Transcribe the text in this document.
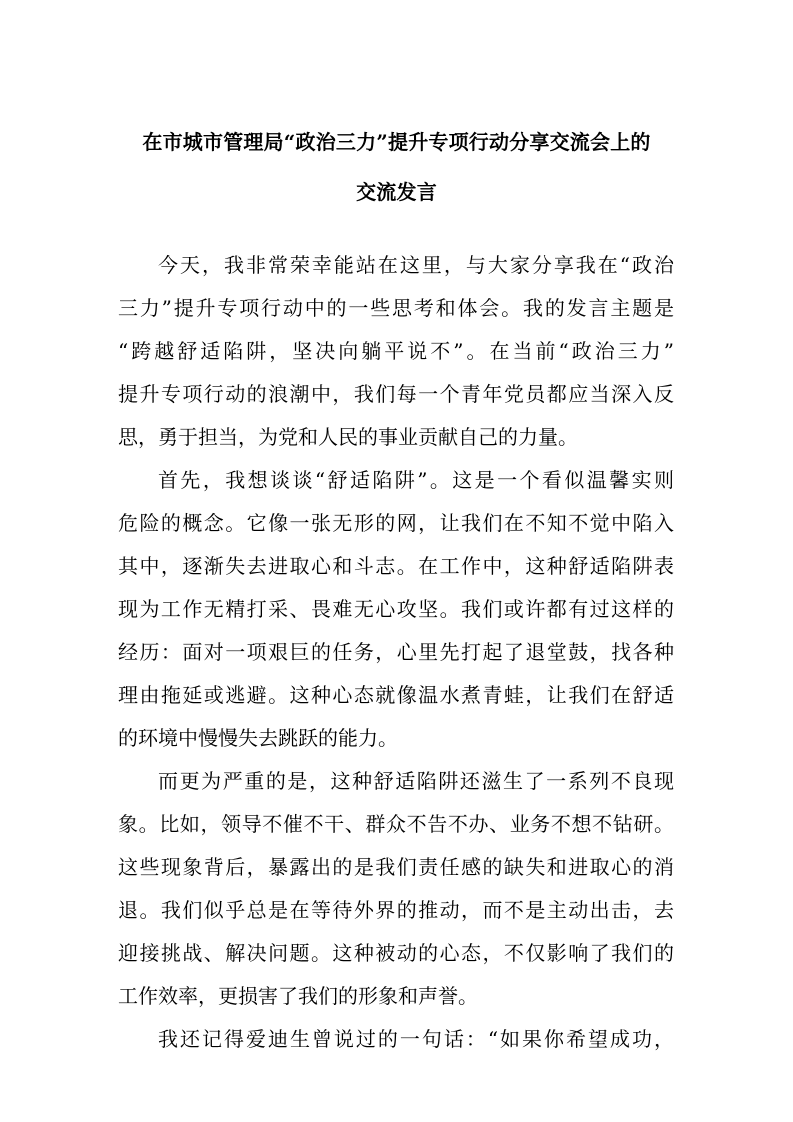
在市城市管理局“政治三力”提升专项行动分享交流会上的
交流发言
今天，我非常荣幸能站在这里，与大家分享我在“政治
三力”提升专项行动中的一些思考和体会。我的发言主题是
“跨越舒适陷阱，坚决向躺平说不”。在当前“政治三力”
提升专项行动的浪潮中，我们每一个青年党员都应当深入反
思，勇于担当，为党和人民的事业贡献自己的力量。
首先，我想谈谈“舒适陷阱”。这是一个看似温馨实则
危险的概念。它像一张无形的网，让我们在不知不觉中陷入
其中，逐渐失去进取心和斗志。在工作中，这种舒适陷阱表
现为工作无精打采、畏难无心攻坚。我们或许都有过这样的
经历：面对一项艰巨的任务，心里先打起了退堂鼓，找各种
理由拖延或逃避。这种心态就像温水煮青蛙，让我们在舒适
的环境中慢慢失去跳跃的能力。
而更为严重的是，这种舒适陷阱还滋生了一系列不良现
象。比如，领导不催不干、群众不告不办、业务不想不钻研。
这些现象背后，暴露出的是我们责任感的缺失和进取心的消
退。我们似乎总是在等待外界的推动，而不是主动出击，去
迎接挑战、解决问题。这种被动的心态，不仅影响了我们的
工作效率，更损害了我们的形象和声誉。
我还记得爱迪生曾说过的一句话：“如果你希望成功，
